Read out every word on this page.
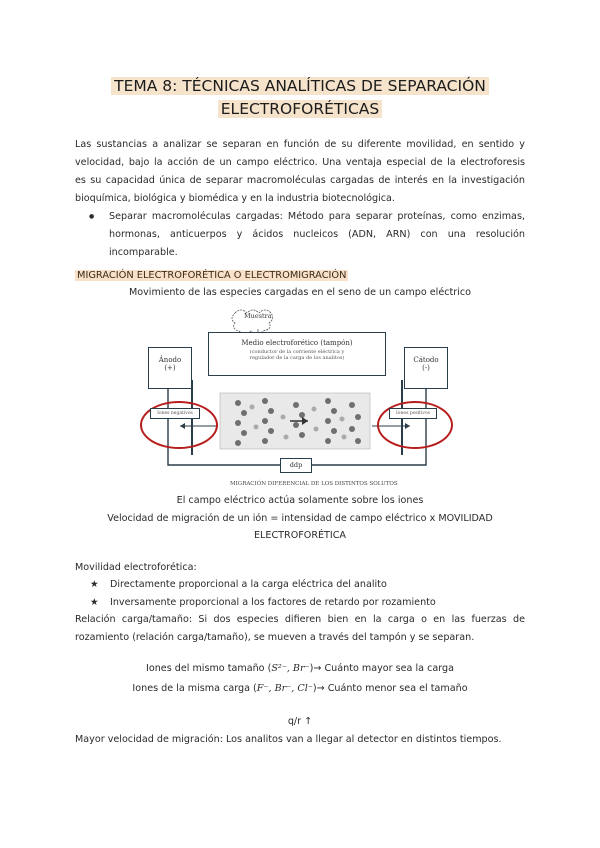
TEMA 8: TÉCNICAS ANALÍTICAS DE SEPARACIÓN
ELECTROFORÉTICAS
Las sustancias a analizar se separan en función de su diferente movilidad, en sentido y
velocidad, bajo la acción de un campo eléctrico. Una ventaja especial de la electroforesis
es su capacidad única de separar macromoléculas cargadas de interés en la investigación
bioquímica, biológica y biomédica y en la industria biotecnológica.
● Separar macromoléculas cargadas: Método para separar proteínas, como enzimas,
hormonas, anticuerpos y ácidos nucleicos (ADN, ARN) con una resolución
incomparable.
MIGRACIÓN ELECTROFORÉTICA O ELECTROMIGRACIÓN
Movimiento de las especies cargadas en el seno de un campo eléctrico
Muestra
Medio electroforético (tampón)
(conductor de la corriente eléctrica y
regulador de la carga de los analitos)
Ánodo
(+)
Cátodo
(-)
Iones negativos	Iones positivos
ddp
MIGRACIÓN DIFERENCIAL DE LOS DISTINTOS SOLUTOS
El campo eléctrico actúa solamente sobre los iones
Velocidad de migración de un ión = intensidad de campo eléctrico x MOVILIDAD
ELECTROFORÉTICA
Movilidad electroforética:
★ Directamente proporcional a la carga eléctrica del analito
★ Inversamente proporcional a los factores de retardo por rozamiento
Relación carga/tamaño: Si dos especies difieren bien en la carga o en las fuerzas de
rozamiento (relación carga/tamaño), se mueven a través del tampón y se separan.
Iones del mismo tamaño (S²⁻, Br⁻)→ Cuánto mayor sea la carga
Iones de la misma carga (F⁻, Br⁻, Cl⁻)→ Cuánto menor sea el tamaño
q/r ↑
Mayor velocidad de migración: Los analitos van a llegar al detector en distintos tiempos.
